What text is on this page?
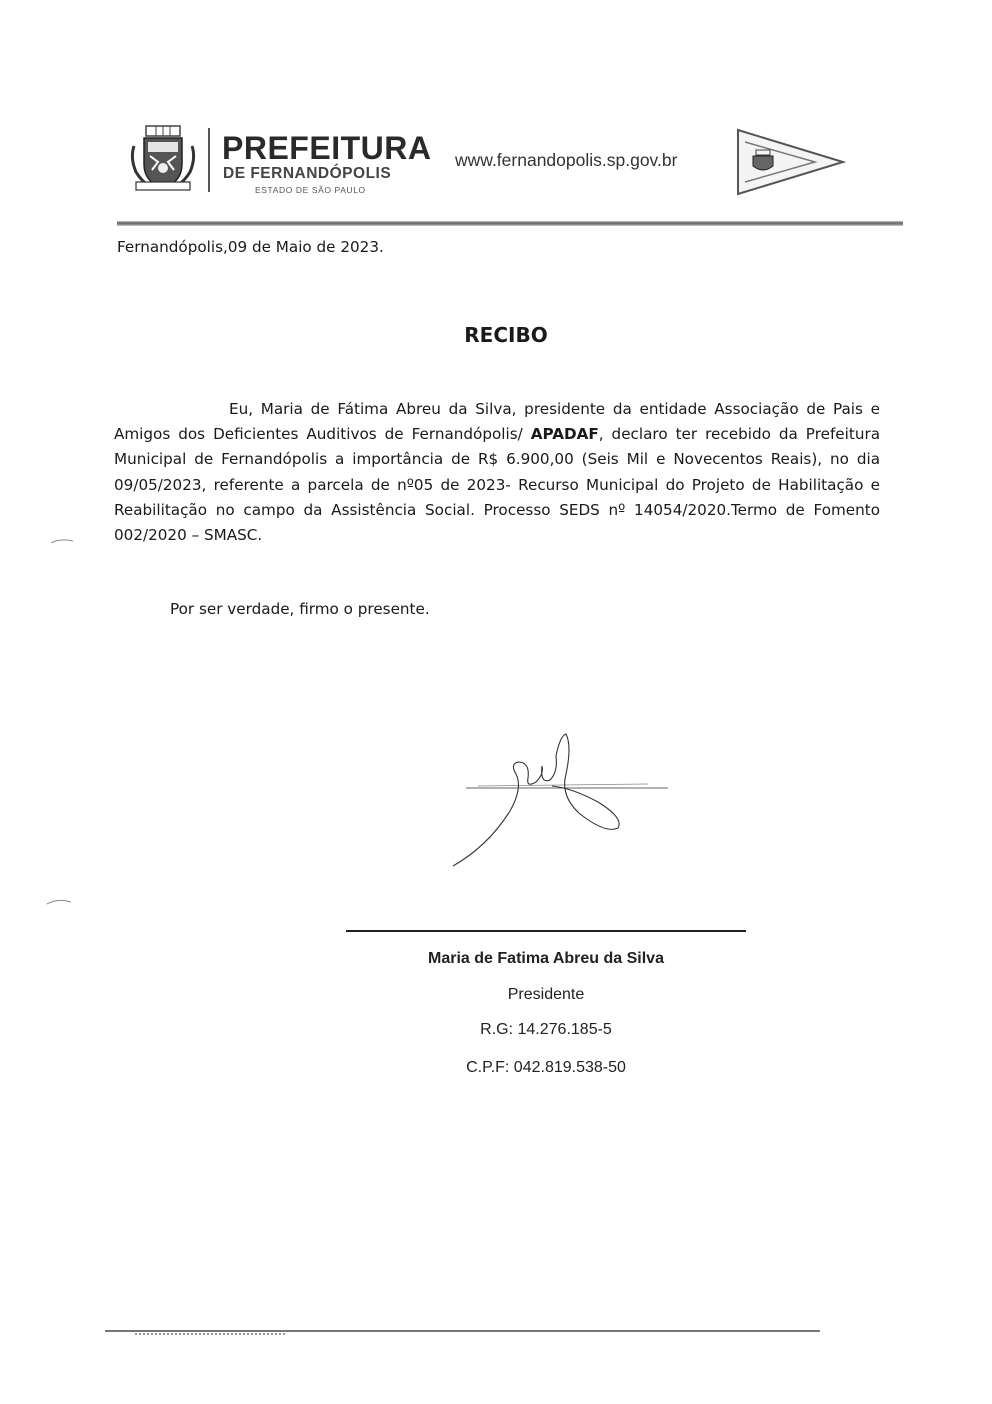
PREFEITURA
DE FERNANDÓPOLIS
ESTADO DE SÃO PAULO
www.fernandopolis.sp.gov.br
Fernandópolis,09 de Maio de 2023.
RECIBO
Eu, Maria de Fátima Abreu da Silva, presidente da entidade Associação de Pais e Amigos dos Deficientes Auditivos de Fernandópolis/ APADAF, declaro ter recebido da Prefeitura Municipal de Fernandópolis a importância de R$ 6.900,00 (Seis Mil e Novecentos Reais), no dia 09/05/2023, referente a parcela de nº05 de 2023- Recurso Municipal do Projeto de Habilitação e Reabilitação no campo da Assistência Social. Processo SEDS nº 14054/2020.Termo de Fomento 002/2020 – SMASC.
Por ser verdade, firmo o presente.
Maria de Fatima Abreu da Silva
Presidente
R.G: 14.276.185-5
C.P.F: 042.819.538-50
